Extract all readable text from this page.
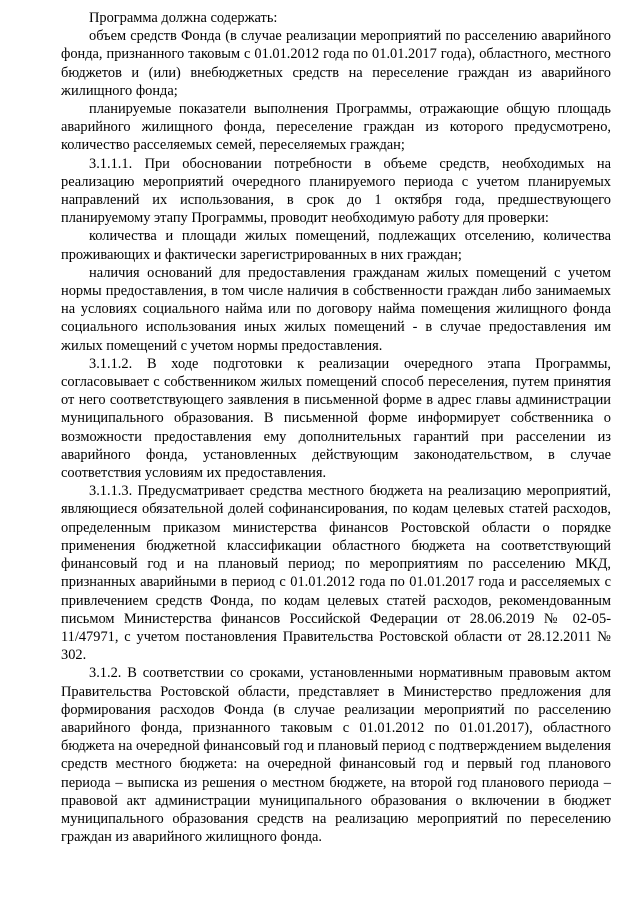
Программа должна содержать:

объем средств Фонда (в случае реализации мероприятий по расселению аварийного фонда, признанного таковым с 01.01.2012 года по 01.01.2017 года), областного, местного бюджетов и (или) внебюджетных средств на переселение граждан из аварийного жилищного фонда;

планируемые показатели выполнения Программы, отражающие общую площадь аварийного жилищного фонда, переселение граждан из которого предусмотрено, количество расселяемых семей, переселяемых граждан;

3.1.1.1. При обосновании потребности в объеме средств, необходимых на реализацию мероприятий очередного планируемого периода с учетом планируемых направлений их использования, в срок до 1 октября года, предшествующего планируемому этапу Программы, проводит необходимую работу для проверки:

количества и площади жилых помещений, подлежащих отселению, количества проживающих и фактически зарегистрированных в них граждан;

наличия оснований для предоставления гражданам жилых помещений с учетом нормы предоставления, в том числе наличия в собственности граждан либо занимаемых на условиях социального найма или по договору найма помещения жилищного фонда социального использования иных жилых помещений - в случае предоставления им жилых помещений с учетом нормы предоставления.

3.1.1.2. В ходе подготовки к реализации очередного этапа Программы, согласовывает с собственником жилых помещений способ переселения, путем принятия от него соответствующего заявления в письменной форме в адрес главы администрации муниципального образования. В письменной форме информирует собственника о возможности предоставления ему дополнительных гарантий при расселении из аварийного фонда, установленных действующим законодательством, в случае соответствия условиям их предоставления.

3.1.1.3. Предусматривает средства местного бюджета на реализацию мероприятий, являющиеся обязательной долей софинансирования, по кодам целевых статей расходов, определенным приказом министерства финансов Ростовской области о порядке применения бюджетной классификации областного бюджета на соответствующий финансовый год и на плановый период; по мероприятиям по расселению МКД, признанных аварийными в период с 01.01.2012 года по 01.01.2017 года и расселяемых с привлечением средств Фонда, по кодам целевых статей расходов, рекомендованным письмом Министерства финансов Российской Федерации от 28.06.2019 № 02-05-11/47971, с учетом постановления Правительства Ростовской области от 28.12.2011 № 302.

3.1.2. В соответствии со сроками, установленными нормативным правовым актом Правительства Ростовской области, представляет в Министерство предложения для формирования расходов Фонда (в случае реализации мероприятий по расселению аварийного фонда, признанного таковым с 01.01.2012 по 01.01.2017), областного бюджета на очередной финансовый год и плановый период с подтверждением выделения средств местного бюджета: на очередной финансовый год и первый год планового периода – выписка из решения о местном бюджете, на второй год планового периода – правовой акт администрации муниципального образования о включении в бюджет муниципального образования средств на реализацию мероприятий по переселению граждан из аварийного жилищного фонда.
